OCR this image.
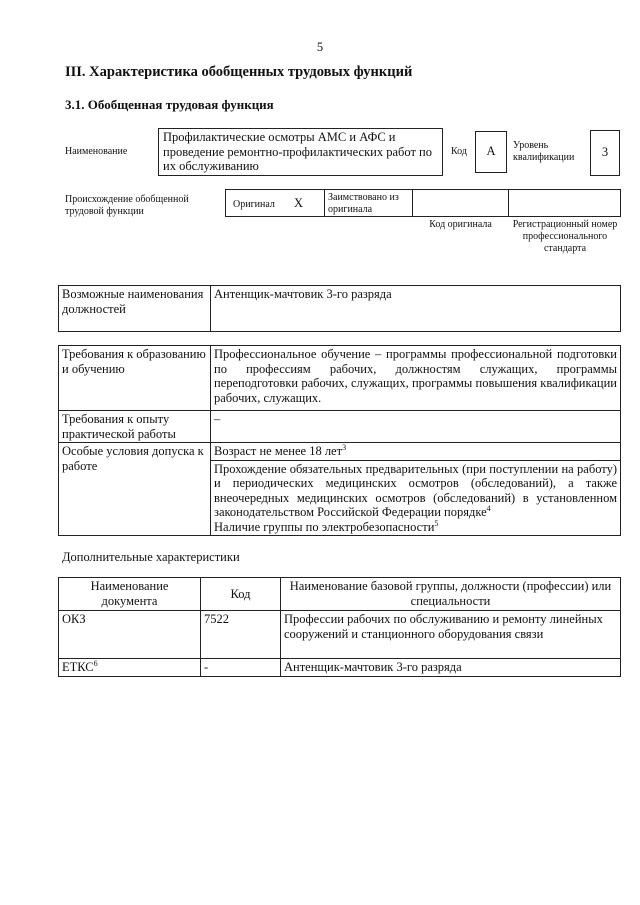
5
III. Характеристика обобщенных трудовых функций
3.1. Обобщенная трудовая функция
Наименование
Профилактические осмотры АМС и АФС и проведение ремонтно-профилактических работ по их обслуживанию
Код	A	Уровень квалификации	3
Происхождение обобщенной трудовой функции
Оригинал X	Заимствовано из оригинала
Код оригинала	Регистрационный номер профессионального стандарта
Возможные наименования должностей	Антенщик-мачтовик 3-го разряда
Требования к образованию и обучению	Профессиональное обучение – программы профессиональной подготовки по профессиям рабочих, должностям служащих, программы переподготовки рабочих, служащих, программы повышения квалификации рабочих, служащих.
Требования к опыту практической работы	–
Особые условия допуска к работе	Возраст не менее 18 лет$^3$
	Прохождение обязательных предварительных (при поступлении на работу) и периодических медицинских осмотров (обследований), а также внеочередных медицинских осмотров (обследований) в установленном законодательством Российской Федерации порядке$^4$
Наличие группы по электробезопасности$^5$
Дополнительные характеристики
Наименование документа	Код	Наименование базовой группы, должности (профессии) или специальности
ОКЗ	7522	Профессии рабочих по обслуживанию и ремонту линейных сооружений и станционного оборудования связи
ЕТКС$^6$	-	Антенщик-мачтовик 3-го разряда
